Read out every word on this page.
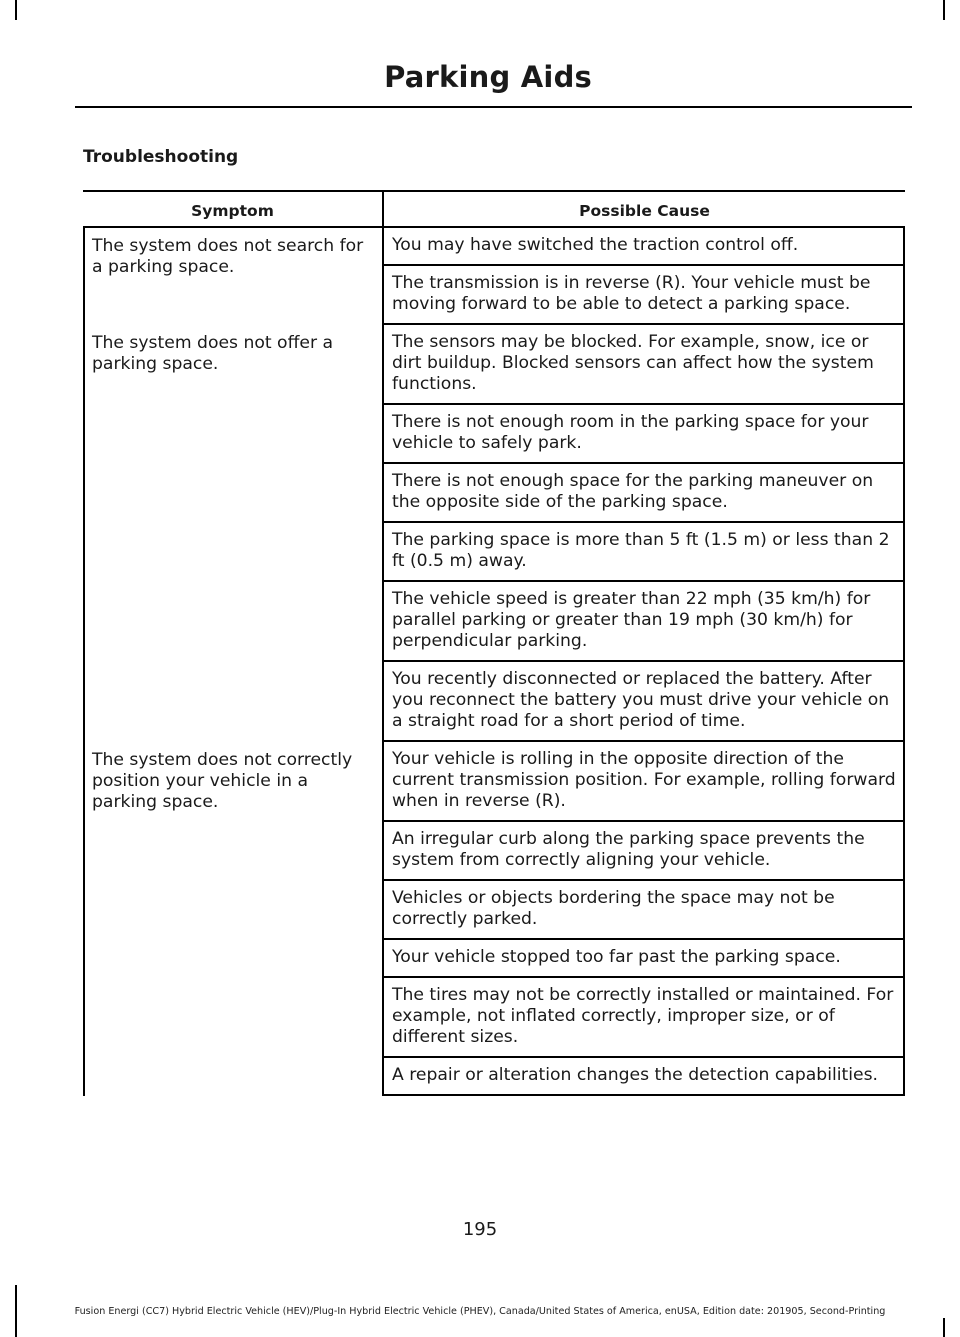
Parking Aids
Troubleshooting
Symptom	Possible Cause
The system does not search for a parking space.
You may have switched the traction control off.
The transmission is in reverse (R). Your vehicle must be moving forward to be able to detect a parking space.
The system does not offer a parking space.
The sensors may be blocked. For example, snow, ice or dirt buildup. Blocked sensors can affect how the system functions.
There is not enough room in the parking space for your vehicle to safely park.
There is not enough space for the parking maneuver on the opposite side of the parking space.
The parking space is more than 5 ft (1.5 m) or less than 2 ft (0.5 m) away.
The vehicle speed is greater than 22 mph (35 km/h) for parallel parking or greater than 19 mph (30 km/h) for perpendicular parking.
You recently disconnected or replaced the battery. After you reconnect the battery you must drive your vehicle on a straight road for a short period of time.
The system does not correctly position your vehicle in a parking space.
Your vehicle is rolling in the opposite direction of the current transmission position. For example, rolling forward when in reverse (R).
An irregular curb along the parking space prevents the system from correctly aligning your vehicle.
Vehicles or objects bordering the space may not be correctly parked.
Your vehicle stopped too far past the parking space.
The tires may not be correctly installed or maintained. For example, not inflated correctly, improper size, or of different sizes.
A repair or alteration changes the detection capabilities.
195
Fusion Energi (CC7) Hybrid Electric Vehicle (HEV)/Plug-In Hybrid Electric Vehicle (PHEV), Canada/United States of America, enUSA, Edition date: 201905, Second-Printing
